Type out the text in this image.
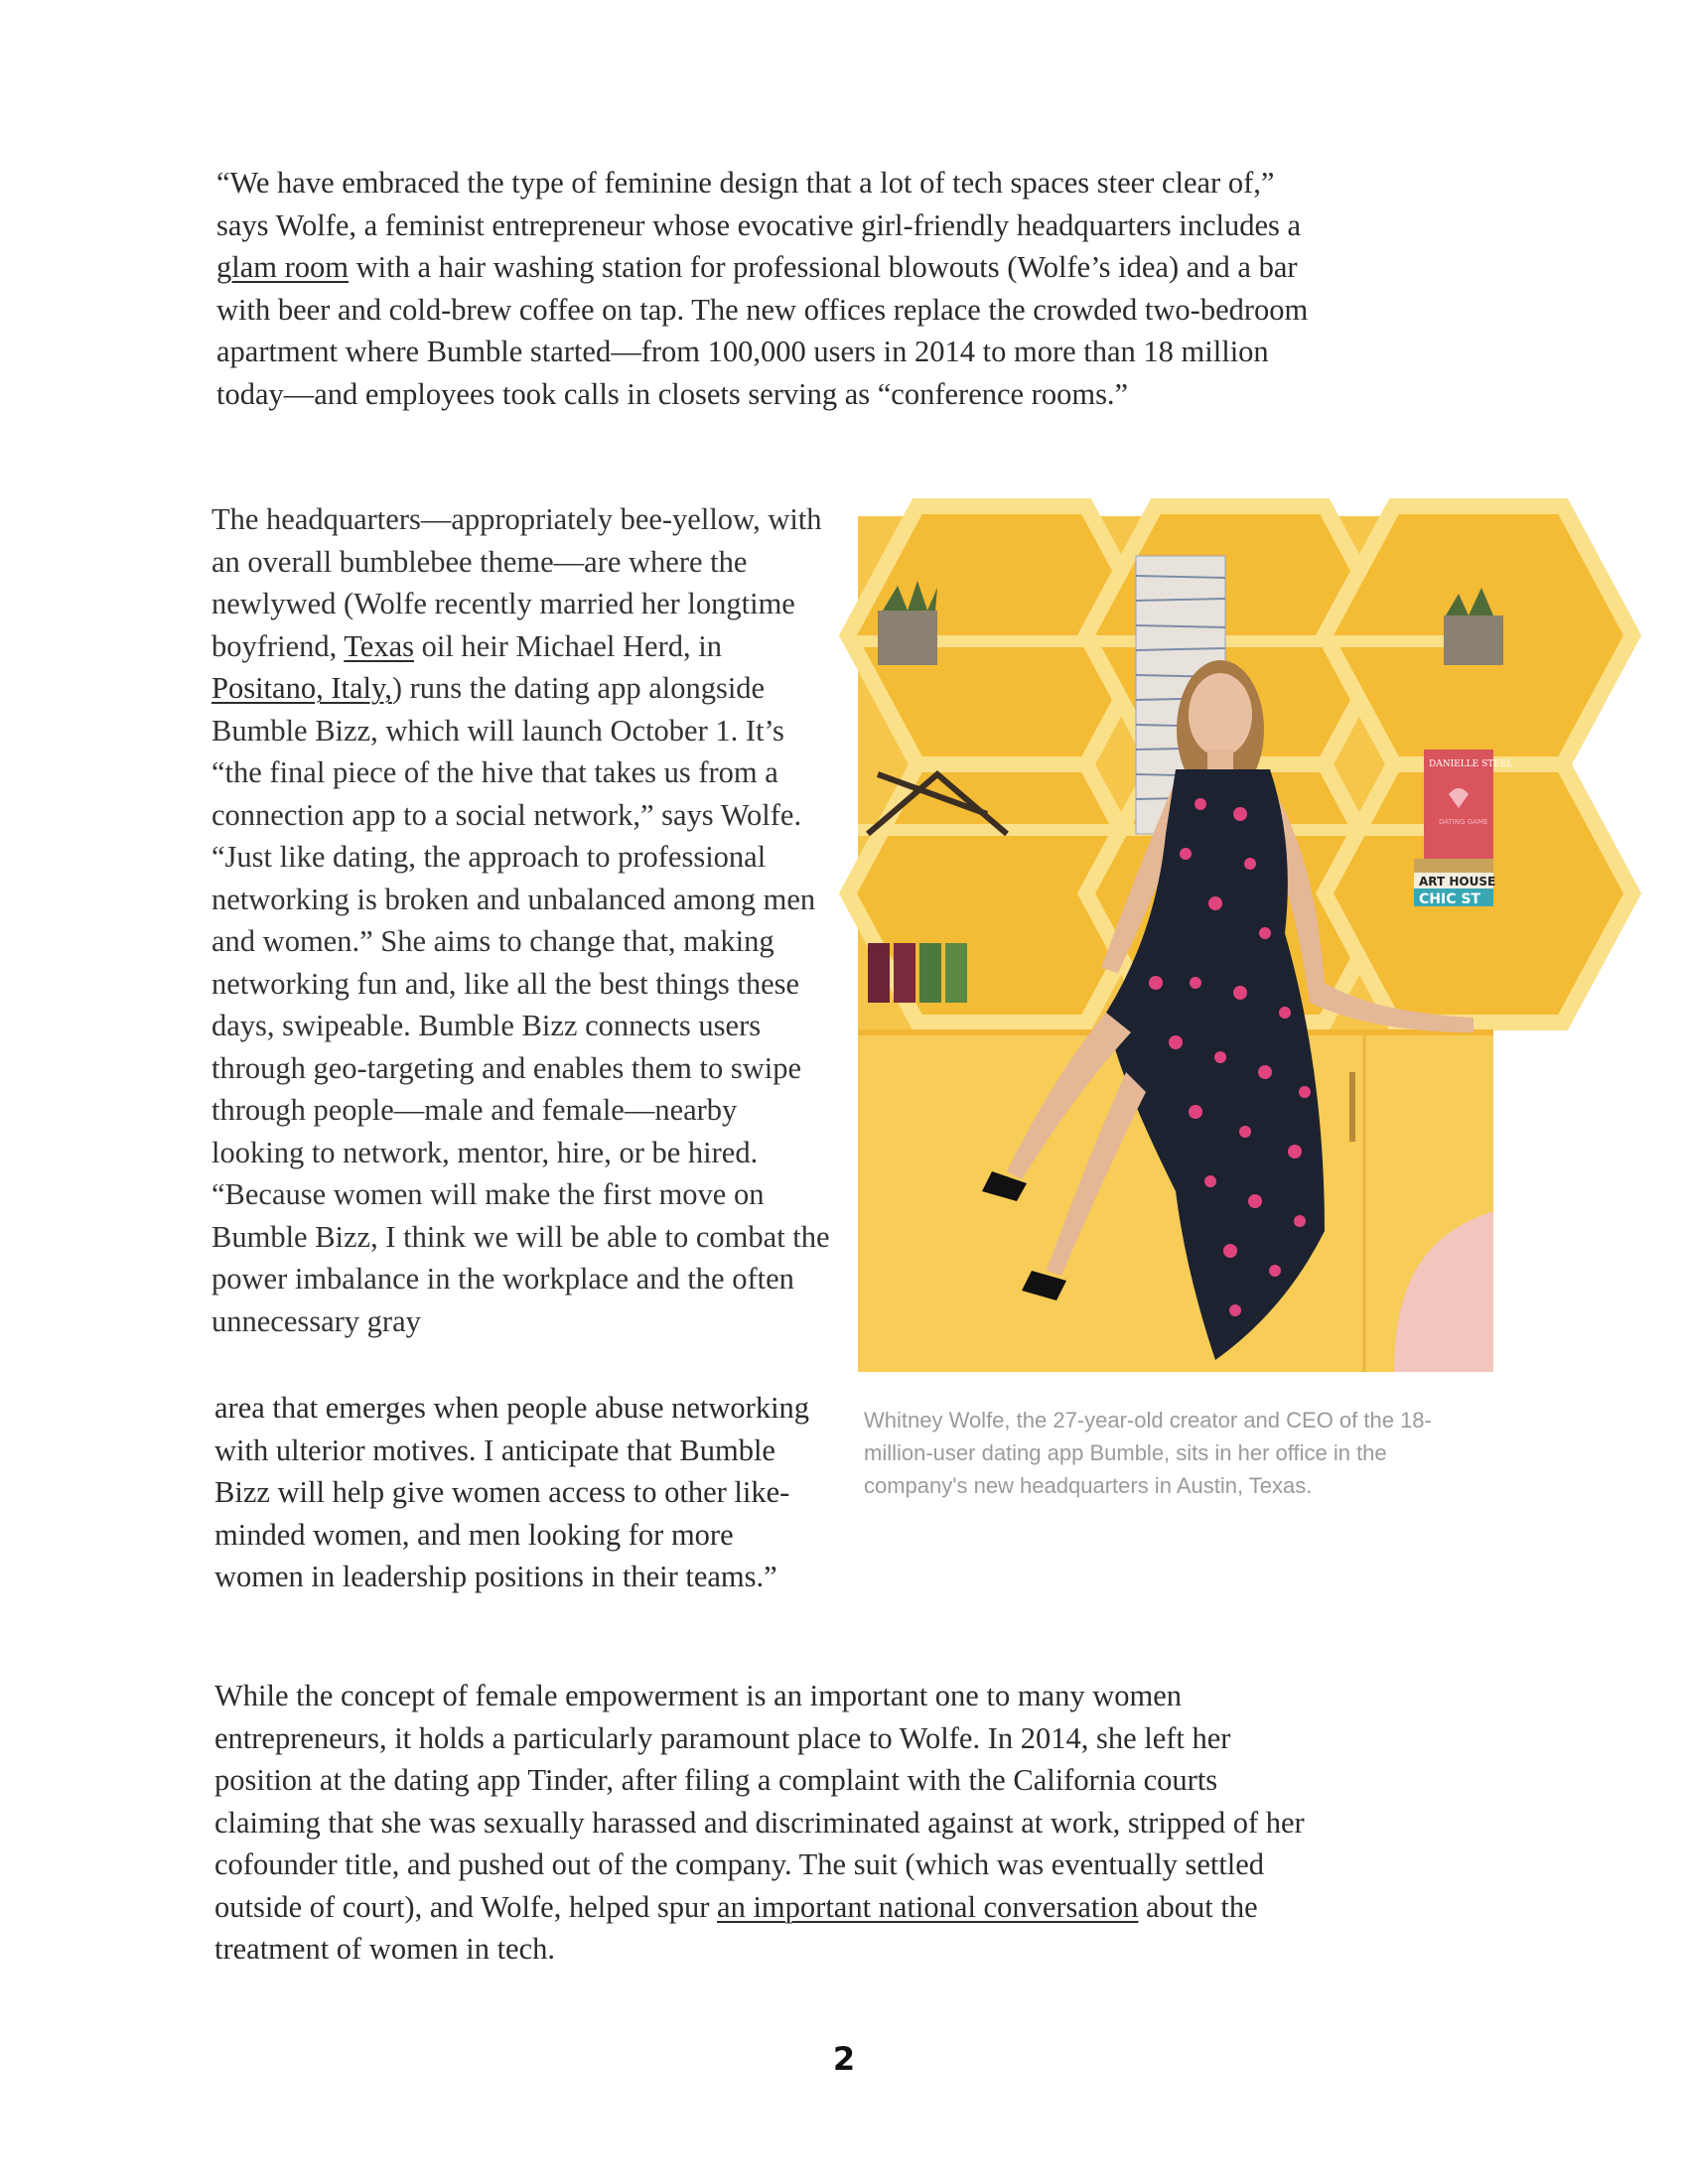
“We have embraced the type of feminine design that a lot of tech spaces steer clear of,” says Wolfe, a feminist entrepreneur whose evocative girl-friendly headquarters includes a glam room with a hair washing station for professional blowouts (Wolfe’s idea) and a bar with beer and cold-brew coffee on tap. The new offices replace the crowded two-bedroom apartment where Bumble started—from 100,000 users in 2014 to more than 18 million today—and employees took calls in closets serving as “conference rooms.”

The headquarters—appropriately bee-yellow, with an overall bumblebee theme—are where the newlywed (Wolfe recently married her longtime boyfriend, Texas oil heir Michael Herd, in Positano, Italy,) runs the dating app alongside Bumble Bizz, which will launch October 1. It’s “the final piece of the hive that takes us from a connection app to a social network,” says Wolfe. “Just like dating, the approach to professional networking is broken and unbalanced among men and women.” She aims to change that, making networking fun and, like all the best things these days, swipeable. Bumble Bizz connects users through geo-targeting and enables them to swipe through people—male and female—nearby looking to network, mentor, hire, or be hired. “Because women will make the first move on Bumble Bizz, I think we will be able to combat the power imbalance in the workplace and the often unnecessary gray

area that emerges when people abuse networking with ulterior motives. I anticipate that Bumble Bizz will help give women access to other like-minded women, and men looking for more women in leadership positions in their teams.”

DANIELLE STEEL
DATING GAME
ART HOUSE
CHIC ST

Whitney Wolfe, the 27-year-old creator and CEO of the 18-million-user dating app Bumble, sits in her office in the company's new headquarters in Austin, Texas.

While the concept of female empowerment is an important one to many women entrepreneurs, it holds a particularly paramount place to Wolfe. In 2014, she left her position at the dating app Tinder, after filing a complaint with the California courts claiming that she was sexually harassed and discriminated against at work, stripped of her cofounder title, and pushed out of the company. The suit (which was eventually settled outside of court), and Wolfe, helped spur an important national conversation about the treatment of women in tech.

2
